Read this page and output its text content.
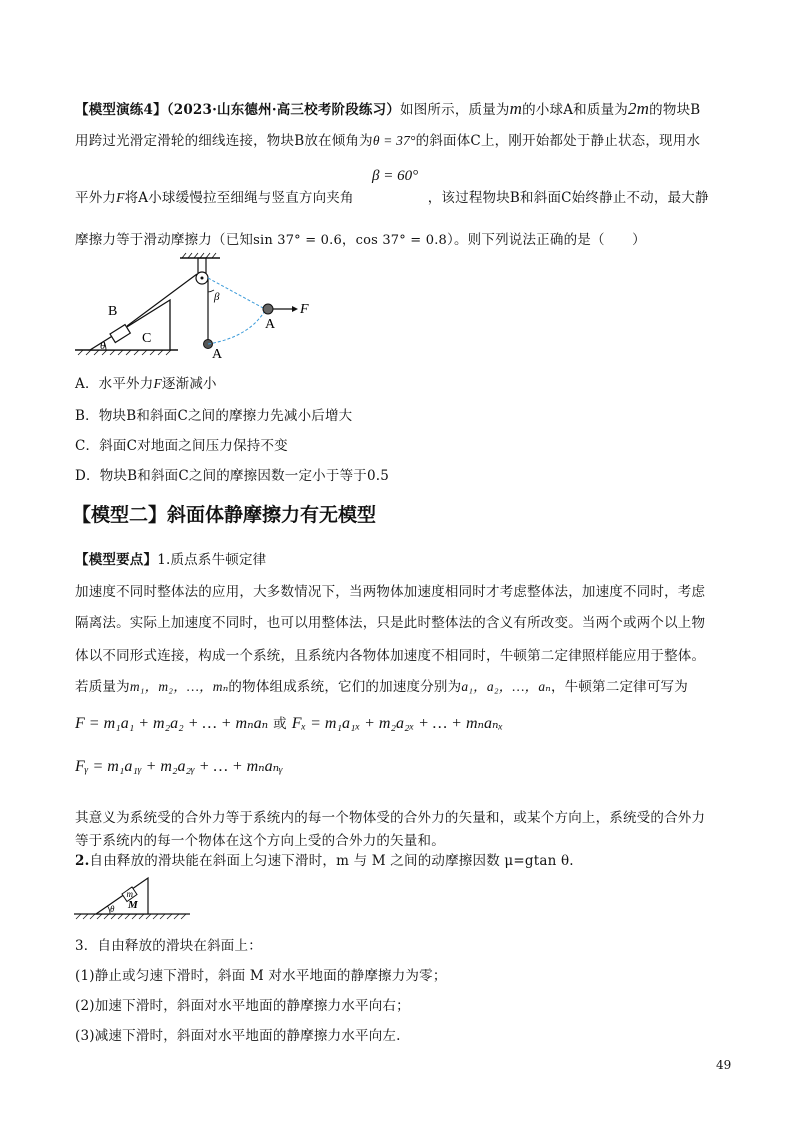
【模型演练4】（2023·山东德州·高三校考阶段练习）如图所示，质量为m的小球A和质量为2m的物块B
用跨过光滑定滑轮的细线连接，物块B放在倾角为θ = 37°的斜面体C上，刚开始都处于静止状态，现用水
β = 60°
平外力F将A小球缓慢拉至细绳与竖直方向夹角	，该过程物块B和斜面C始终静止不动，最大静
摩擦力等于滑动摩擦力（已知sin 37° = 0.6，cos 37° = 0.8）。则下列说法正确的是（　　）
B
C
θ
β
A
A
F
A．水平外力F逐渐减小
B．物块B和斜面C之间的摩擦力先减小后增大
C．斜面C对地面之间压力保持不变
D．物块B和斜面C之间的摩擦因数一定小于等于0.5
【模型二】斜面体静摩擦力有无模型
【模型要点】1.质点系牛顿定律
加速度不同时整体法的应用，大多数情况下，当两物体加速度相同时才考虑整体法，加速度不同时，考虑
隔离法。实际上加速度不同时，也可以用整体法，只是此时整体法的含义有所改变。当两个或两个以上物
体以不同形式连接，构成一个系统，且系统内各物体加速度不相同时，牛顿第二定律照样能应用于整体。
若质量为m₁，m₂，…，mₙ的物体组成系统，它们的加速度分别为a₁，a₂，…，aₙ，牛顿第二定律可写为
F = m₁a₁ + m₂a₂ + … + mₙaₙ 或 Fₓ = m₁a₁ₓ + m₂a₂ₓ + … + mₙaₙₓ
Fᵧ = m₁a₁ᵧ + m₂a₂ᵧ + … + mₙaₙᵧ
其意义为系统受的合外力等于系统内的每一个物体受的合外力的矢量和，或某个方向上，系统受的合外力
等于系统内的每一个物体在这个方向上受的合外力的矢量和。
2.自由释放的滑块能在斜面上匀速下滑时，m 与 M 之间的动摩擦因数 μ=gtan θ.
m
M
θ
3．自由释放的滑块在斜面上：
(1)静止或匀速下滑时，斜面 M 对水平地面的静摩擦力为零；
(2)加速下滑时，斜面对水平地面的静摩擦力水平向右；
(3)减速下滑时，斜面对水平地面的静摩擦力水平向左.
49
